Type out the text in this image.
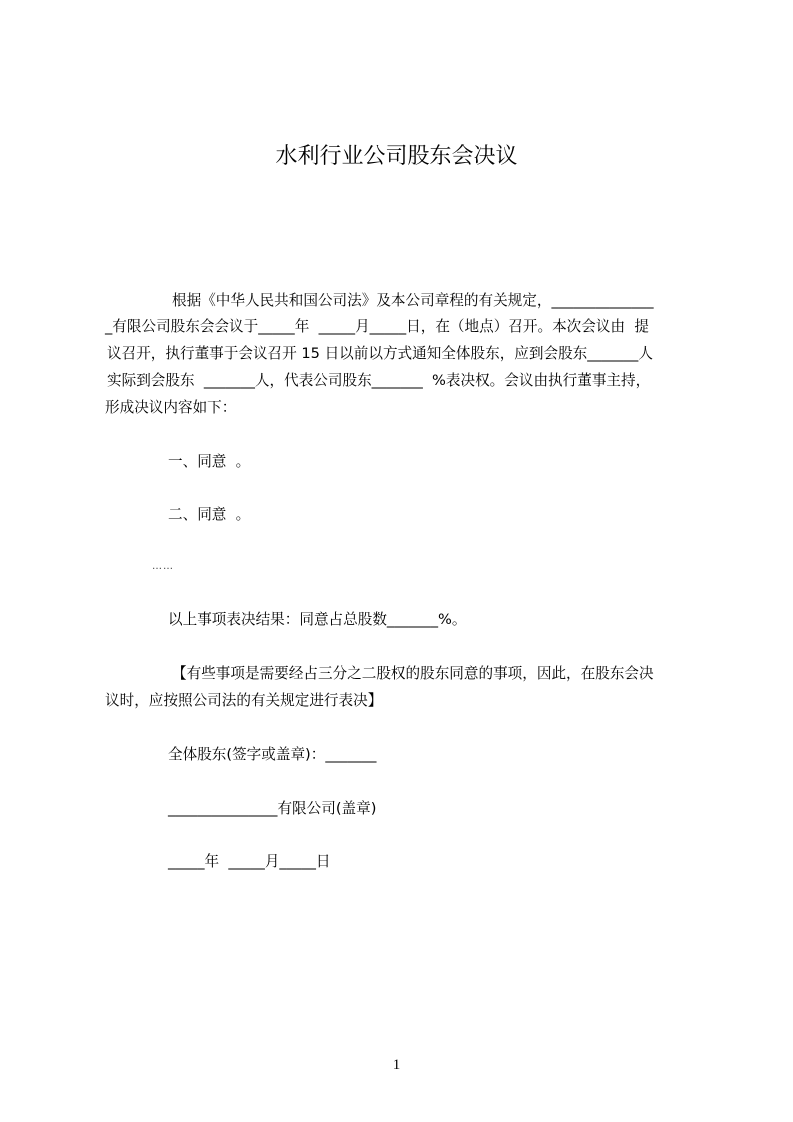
水利行业公司股东会决议
根据《中华人民共和国公司法》及本公司章程的有关规定，______________
_有限公司股东会会议于_____年  _____月_____日，在（地点）召开。本次会议由  提
议召开，执行董事于会议召开 15 日以前以方式通知全体股东，应到会股东_______人
实际到会股东  _______人，代表公司股东_______  %表决权。会议由执行董事主持，
形成决议内容如下：
一、同意  。
二、同意  。
……
以上事项表决结果：同意占总股数_______%。
【有些事项是需要经占三分之二股权的股东同意的事项，因此，在股东会决
议时，应按照公司法的有关规定进行表决】
全体股东(签字或盖章)：_______
_______________有限公司(盖章)
_____年  _____月_____日
1
